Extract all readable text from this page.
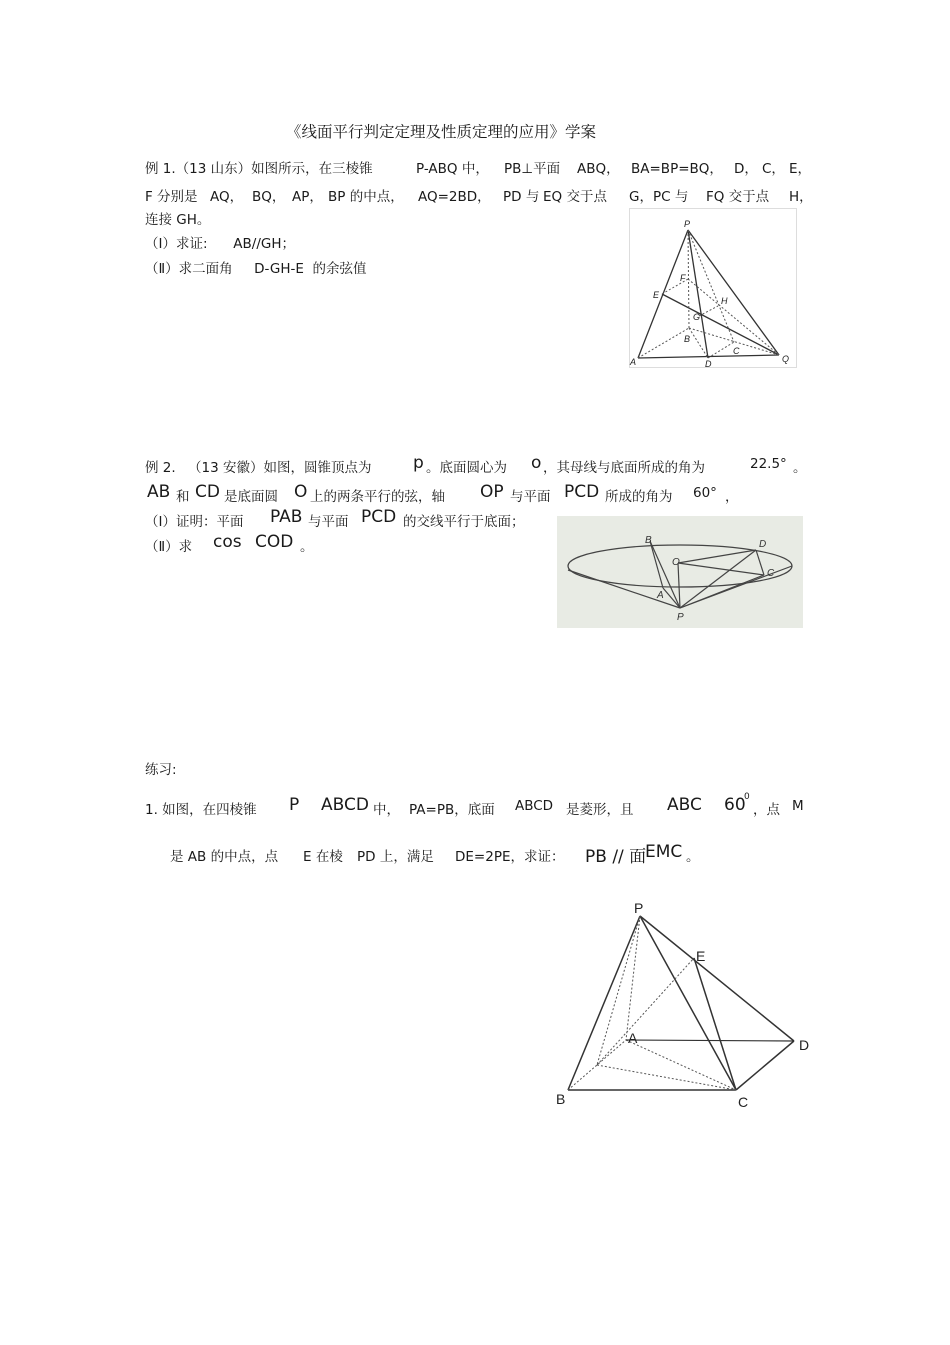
《线面平行判定定理及性质定理的应用》学案
例 1.（13 山东）如图所示，在三棱锥	P-ABQ 中， PB⊥平面 ABQ， BA=BP=BQ， D， C， E，
F 分别是 AQ， BQ， AP， BP 的中点， AQ=2BD， PD 与 EQ 交于点 G，PC 与 FQ 交于点 H，
连接 GH。
（Ⅰ）求证:      AB//GH；
（Ⅱ）求二面角     D-GH-E  的余弦值
P
E
F
H
G
B
C
A	D	Q
例 2. （13 安徽）如图，圆锥顶点为 p 。底面圆心为 o ，其母线与底面所成的角为	22.5° 。
AB 和 CD 是底面圆 O 上的两条平行的弦，轴 OP 与平面 PCD 所成的角为 60° ，
（Ⅰ）证明：平面 PAB 与平面 PCD 的交线平行于底面；
（Ⅱ）求 cos COD 。	B
O
D
C
A
P
练习:
1. 如图，在四棱锥 P ABCD 中， PA=PB，底面 ABCD 是菱形，且 ABC 60
0
，点 M
是 AB 的中点，点 E 在棱 PD 上，满足 DE=2PE，求证： PB // 面
EMC 。
P
E
A	D
B	C
